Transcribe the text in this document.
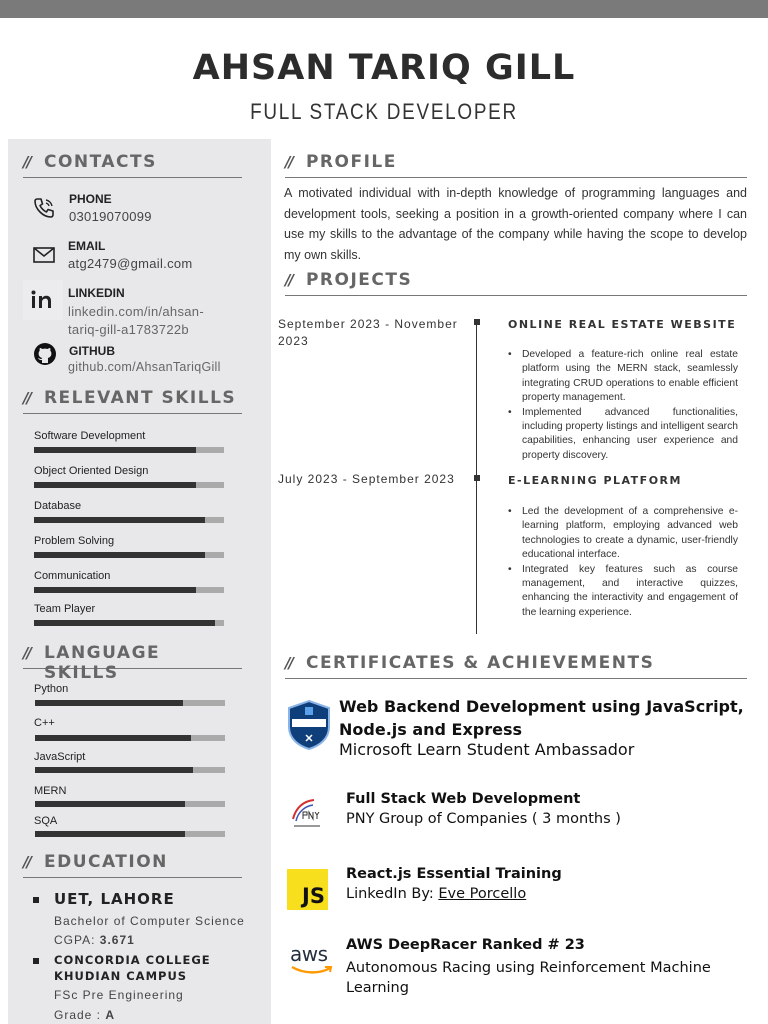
AHSAN TARIQ GILL
FULL STACK DEVELOPER
// CONTACTS
PHONE
03019070099
EMAIL
atg2479@gmail.com
LINKEDIN
linkedin.com/in/ahsan-
tariq-gill-a1783722b
GITHUB
github.com/AhsanTariqGill
// RELEVANT SKILLS
Software Development
Object Oriented Design
Database
Problem Solving
Communication
Team Player
// LANGUAGE SKILLS
Python
C++
JavaScript
MERN
SQA
// EDUCATION
UET, LAHORE
Bachelor of Computer Science
CGPA: 3.671
CONCORDIA COLLEGE
KHUDIAN CAMPUS
FSc Pre Engineering
Grade : A
// PROFILE
A motivated individual with in-depth knowledge of programming languages and development tools, seeking a position in a growth-oriented company where I can use my skills to the advantage of the company while having the scope to develop my own skills.
// PROJECTS
September 2023 - November 2023
ONLINE REAL ESTATE WEBSITE
• Developed a feature-rich online real estate platform using the MERN stack, seamlessly integrating CRUD operations to enable efficient property management.
• Implemented advanced functionalities, including property listings and intelligent search capabilities, enhancing user experience and property discovery.
July 2023 - September 2023	E-LEARNING PLATFORM
• Led the development of a comprehensive e-learning platform, employing advanced web technologies to create a dynamic, user-friendly educational interface.
• Integrated key features such as course management, and interactive quizzes, enhancing the interactivity and engagement of the learning experience.
// CERTIFICATES & ACHIEVEMENTS
Web Backend Development using JavaScript, Node.js and Express
Microsoft Learn Student Ambassador
Full Stack Web Development
PNY Group of Companies ( 3 months )
JS
React.js Essential Training
LinkedIn By: Eve Porcello
aws AWS DeepRacer Ranked # 23
Autonomous Racing using Reinforcement Machine Learning
